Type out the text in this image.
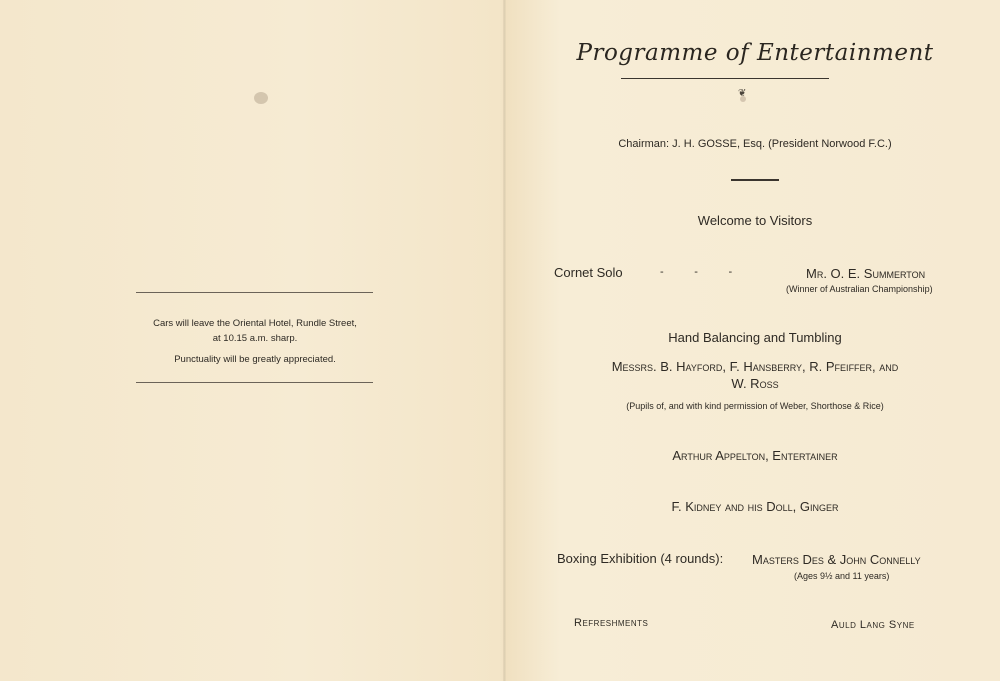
Cars will leave the Oriental Hotel, Rundle Street,

at 10.15 a.m. sharp.

Punctuality will be greatly appreciated.

Programme of Entertainment
❦
Chairman: J. H. GOSSE, Esq. (President Norwood F.C.)
Welcome to Visitors
Cornet Solo	-          -          -	Mr. O. E. Summerton
(Winner of Australian Championship)
Hand Balancing and Tumbling
Messrs. B. Hayford, F. Hansberry, R. Pfeiffer, and
W. Ross
(Pupils of, and with kind permission of Weber, Shorthose & Rice)
Arthur Appelton, Entertainer
F. Kidney and his Doll, Ginger
Boxing Exhibition (4 rounds): Masters Des & John Connelly
(Ages 9½ and 11 years)
Refreshments	Auld Lang Syne
